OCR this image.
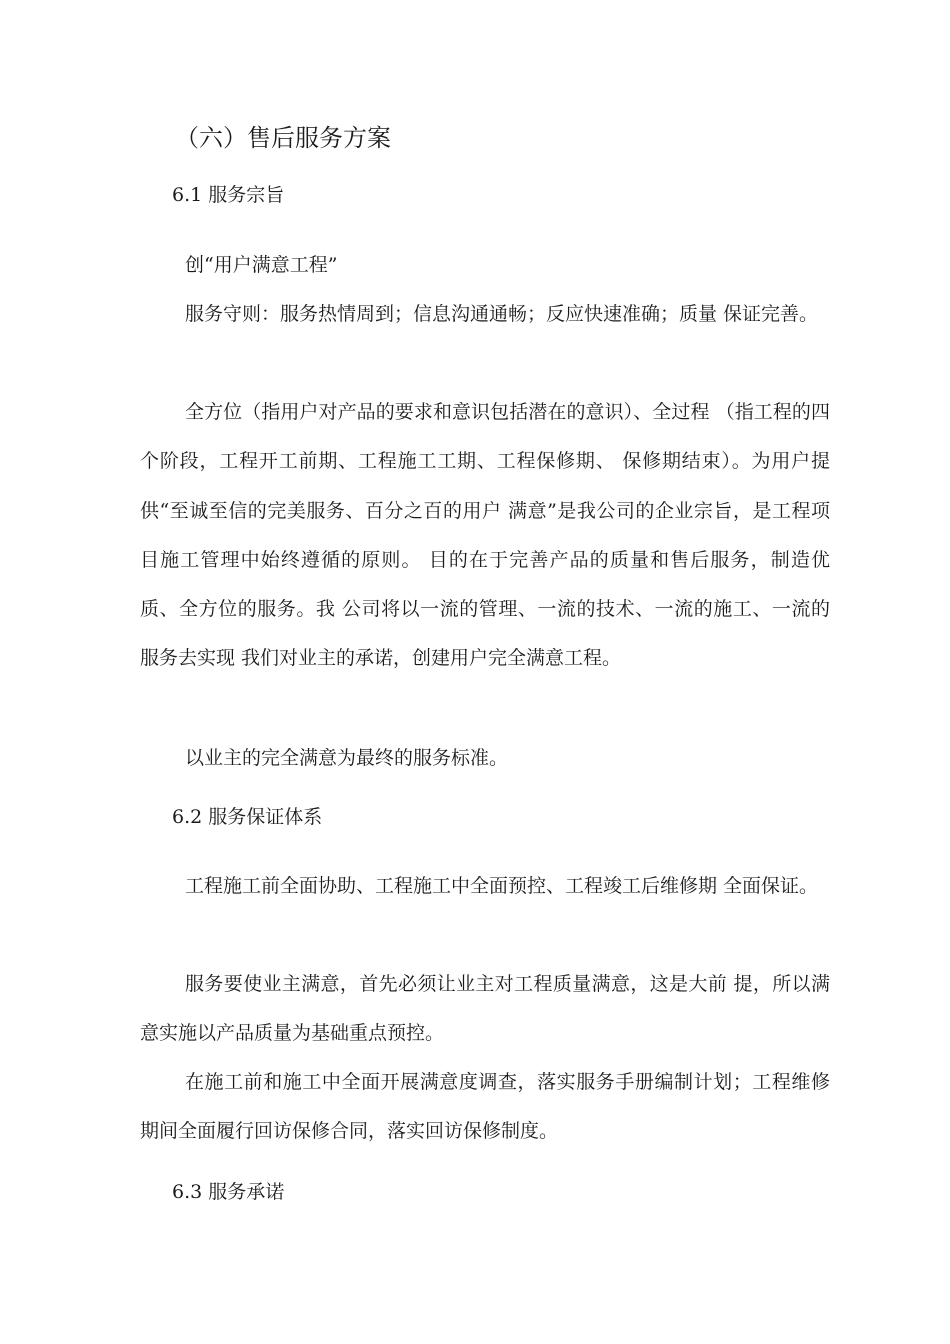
（六）售后服务方案
6.1 服务宗旨

创“用户满意工程”

服务守则：服务热情周到；信息沟通通畅；反应快速准确；质量 保证完善。

全方位（指用户对产品的要求和意识包括潜在的意识）、全过程 （指工程的四个阶段，工程开工前期、工程施工工期、工程保修期、 保修期结束）。为用户提供“至诚至信的完美服务、百分之百的用户 满意”是我公司的企业宗旨，是工程项目施工管理中始终遵循的原则。 目的在于完善产品的质量和售后服务，制造优质、全方位的服务。我 公司将以一流的管理、一流的技术、一流的施工、一流的服务去实现 我们对业主的承诺，创建用户完全满意工程。

以业主的完全满意为最终的服务标准。

6.2 服务保证体系

工程施工前全面协助、工程施工中全面预控、工程竣工后维修期 全面保证。

服务要使业主满意，首先必须让业主对工程质量满意，这是大前 提，所以满意实施以产品质量为基础重点预控。

在施工前和施工中全面开展满意度调查，落实服务手册编制计划；工程维修期间全面履行回访保修合同，落实回访保修制度。

6.3 服务承诺
